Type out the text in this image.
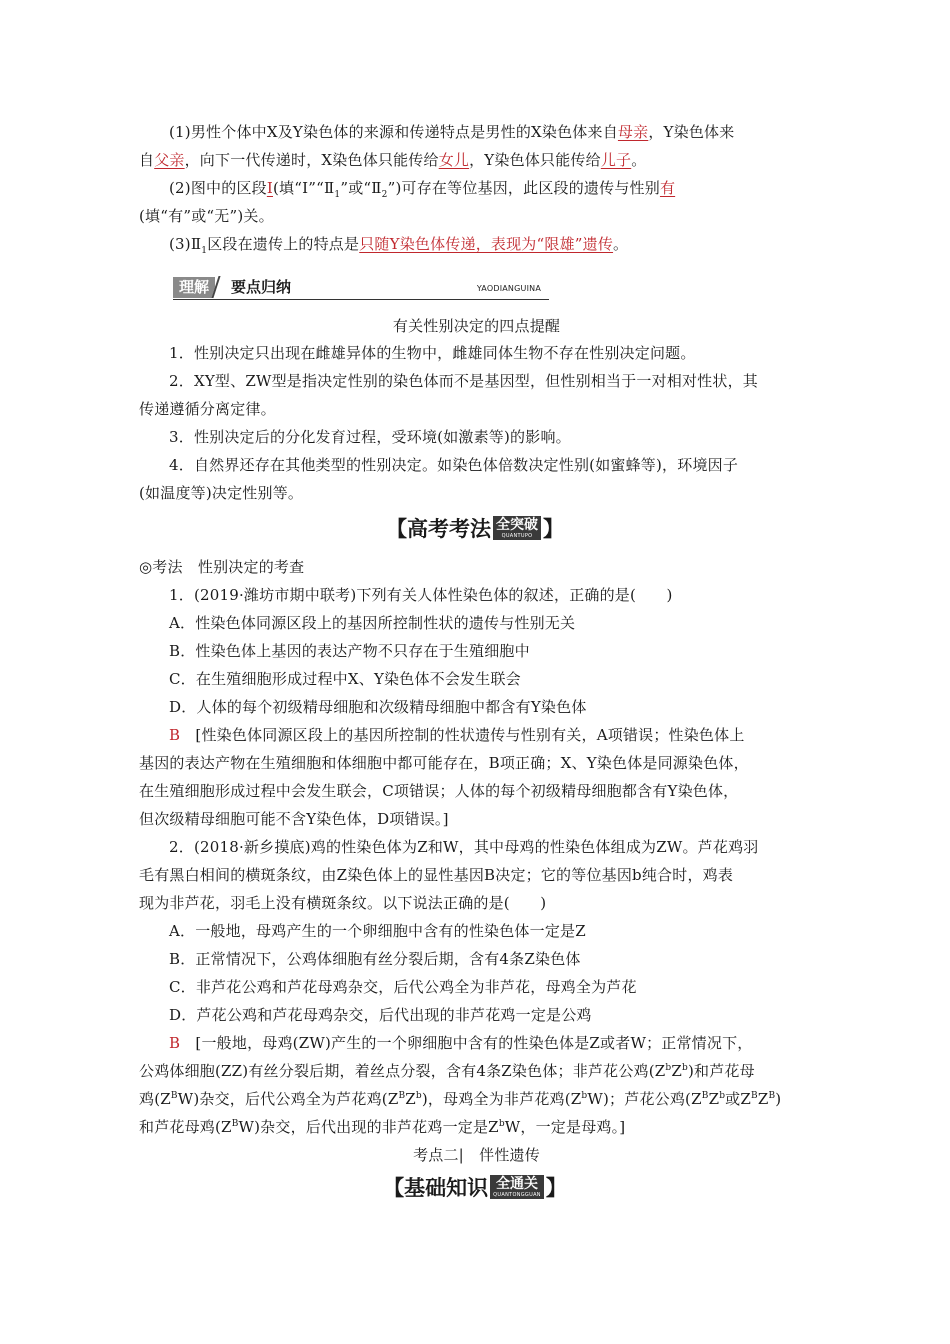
(1)男性个体中X及Y染色体的来源和传递特点是男性的X染色体来自母亲，Y染色体来
自父亲，向下一代传递时，X染色体只能传给女儿，Y染色体只能传给儿子。
(2)图中的区段Ⅰ(填“$Ⅰ”“Ⅱ_1$”或“$Ⅱ_2$”)可存在等位基因，此区段的遗传与性别有
(填“有”或“无”)关。
$(3)Ⅱ_1$区段在遗传上的特点是只随Y染色体传递，表现为“限雄”遗传。
理解	要点归纳	YAODIANGUINA
有关性别决定的四点提醒
1．性别决定只出现在雌雄异体的生物中，雌雄同体生物不存在性别决定问题。
2．XY型、ZW型是指决定性别的染色体而不是基因型，但性别相当于一对相对性状，其
传递遵循分离定律。
3．性别决定后的分化发育过程，受环境(如激素等)的影响。
4．自然界还存在其他类型的性别决定。如染色体倍数决定性别(如蜜蜂等)，环境因子
(如温度等)决定性别等。
【高考考法 全突破
QUANTUPO 】
◎考法　性别决定的考查
1．(2019·潍坊市期中联考)下列有关人体性染色体的叙述，正确的是(　　)
A．性染色体同源区段上的基因所控制性状的遗传与性别无关
B．性染色体上基因的表达产物不只存在于生殖细胞中
C．在生殖细胞形成过程中X、Y染色体不会发生联会
D．人体的每个初级精母细胞和次级精母细胞中都含有Y染色体
B　[性染色体同源区段上的基因所控制的性状遗传与性别有关，A项错误；性染色体上
基因的表达产物在生殖细胞和体细胞中都可能存在，B项正确；X、Y染色体是同源染色体，
在生殖细胞形成过程中会发生联会，C项错误；人体的每个初级精母细胞都含有Y染色体，
但次级精母细胞可能不含Y染色体，D项错误。]
2．(2018·新乡摸底)鸡的性染色体为Z和W，其中母鸡的性染色体组成为ZW。芦花鸡羽
毛有黑白相间的横斑条纹，由Z染色体上的显性基因B决定；它的等位基因b纯合时，鸡表
现为非芦花，羽毛上没有横斑条纹。以下说法正确的是(　　)
A．一般地，母鸡产生的一个卵细胞中含有的性染色体一定是Z
B．正常情况下，公鸡体细胞有丝分裂后期，含有4条Z染色体
C．非芦花公鸡和芦花母鸡杂交，后代公鸡全为非芦花，母鸡全为芦花
D．芦花公鸡和芦花母鸡杂交，后代出现的非芦花鸡一定是公鸡
B　[一般地，母鸡(ZW)产生的一个卵细胞中含有的性染色体是Z或者W；正常情况下，
公鸡体细胞(ZZ)有丝分裂后期，着丝点分裂，含有4条Z染色体；非芦花公鸡$(Z^bZ^b)$和芦花母
鸡$(Z^BW)$杂交，后代公鸡全为芦花鸡$(Z^BZ^b)$，母鸡全为非芦花鸡$(Z^bW)$；芦花公鸡($Z^BZ^b$或$Z^BZ^B$)
和芦花母鸡$(Z^BW)$杂交，后代出现的非芦花鸡一定是$Z^bW$，一定是母鸡。]
考点二|　伴性遗传
【基础知识 全通关
QUANTONGGUAN 】
